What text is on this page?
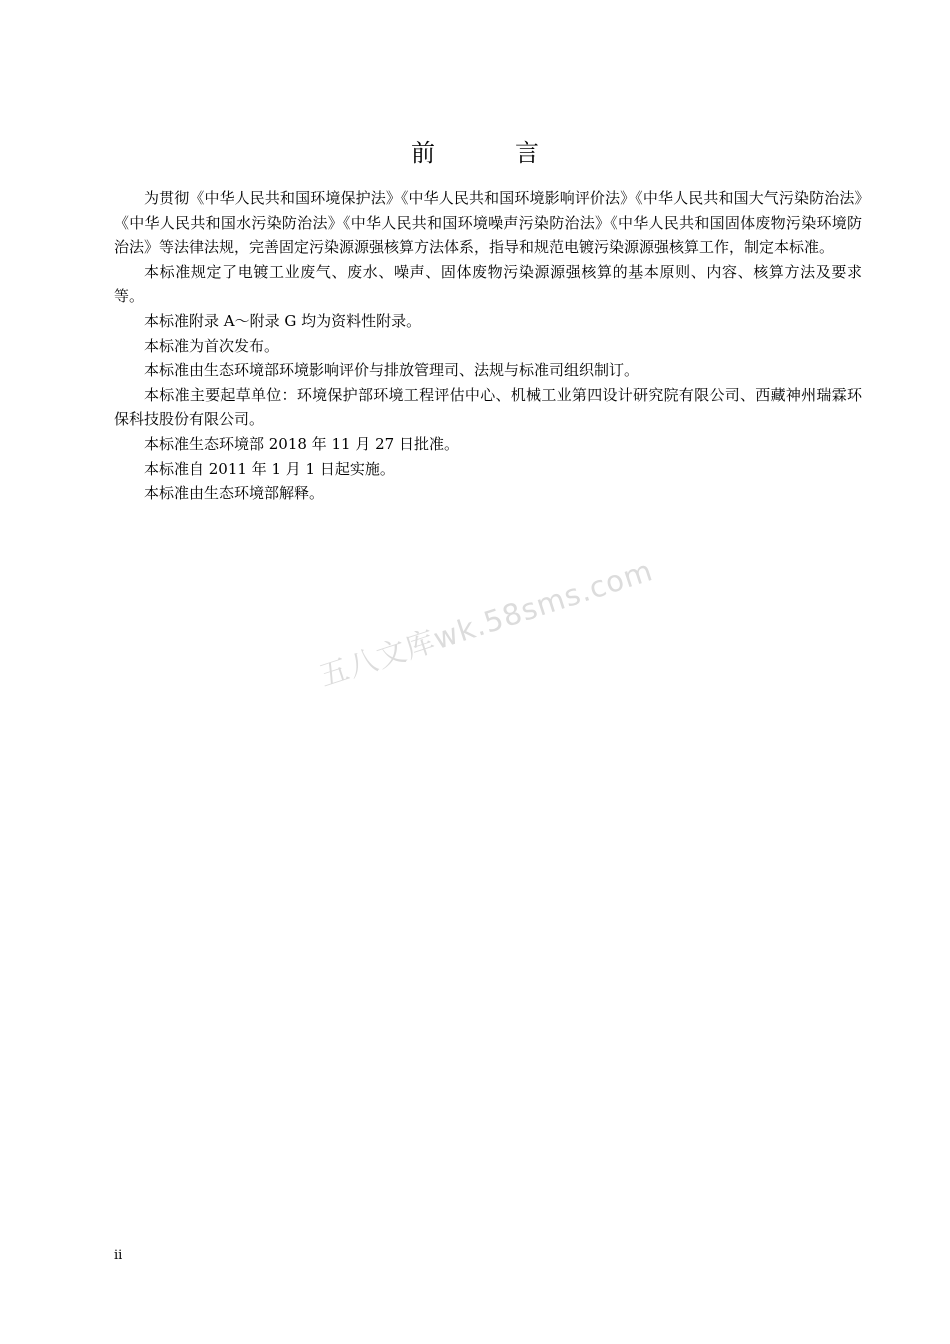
前　言

为贯彻《中华人民共和国环境保护法》《中华人民共和国环境影响评价法》《中华人民共和国大气污染防治法》《中华人民共和国水污染防治法》《中华人民共和国环境噪声污染防治法》《中华人民共和国固体废物污染环境防治法》等法律法规，完善固定污染源源强核算方法体系，指导和规范电镀污染源源强核算工作，制定本标准。

本标准规定了电镀工业废气、废水、噪声、固体废物污染源源强核算的基本原则、内容、核算方法及要求等。

本标准附录 A～附录 G 均为资料性附录。

本标准为首次发布。

本标准由生态环境部环境影响评价与排放管理司、法规与标准司组织制订。

本标准主要起草单位：环境保护部环境工程评估中心、机械工业第四设计研究院有限公司、西藏神州瑞霖环保科技股份有限公司。

本标准生态环境部 2018 年 11 月 27 日批准。

本标准自 2011 年 1 月 1 日起实施。

本标准由生态环境部解释。

五八文库wk.58sms.com
ii
